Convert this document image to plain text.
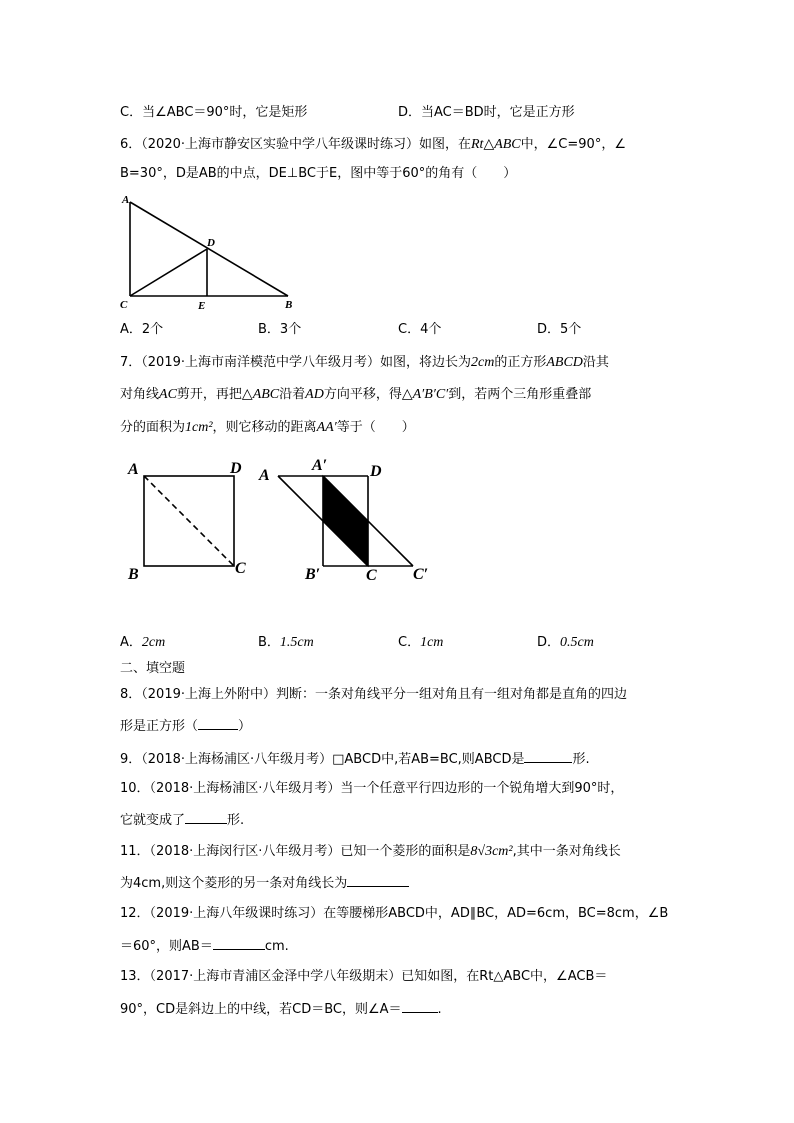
C．当∠ABC＝90°时，它是矩形	D．当AC＝BD时，它是正方形
6．（2020·上海市静安区实验中学八年级课时练习）如图，在Rt△ABC中，∠C=90°，∠
B=30°，D是AB的中点，DE⊥BC于E，图中等于60°的角有（　　）
A
D
C	E	B
A．2个	B．3个	C．4个	D．5个
7．（2019·上海市南洋模范中学八年级月考）如图，将边长为2cm的正方形ABCD沿其
对角线AC剪开，再把△ABC沿着AD方向平移，得△A′B′C′到，若两个三角形重叠部
分的面积为1cm²，则它移动的距离AA′等于（　　）
A	D
B	C
A
A′	D
B′	C C′
A．2cm	B．1.5cm	C．1cm	D．0.5cm
二、填空题
8．（2019·上海上外附中）判断：一条对角线平分一组对角且有一组对角都是直角的四边
形是正方形（	）
9．（2018·上海杨浦区·八年级月考）□ABCD中,若AB=BC,则ABCD是	形.
10．（2018·上海杨浦区·八年级月考）当一个任意平行四边形的一个锐角增大到90°时，
它就变成了	形.
11．（2018·上海闵行区·八年级月考）已知一个菱形的面积是8√3cm²,其中一条对角线长
为4cm,则这个菱形的另一条对角线长为
12．（2019·上海八年级课时练习）在等腰梯形ABCD中，AD∥BC，AD=6cm，BC=8cm，∠B
＝60°，则AB＝	cm.
13．（2017·上海市青浦区金泽中学八年级期末）已知如图，在Rt△ABC中，∠ACB＝
90°，CD是斜边上的中线，若CD＝BC，则∠A＝	.
